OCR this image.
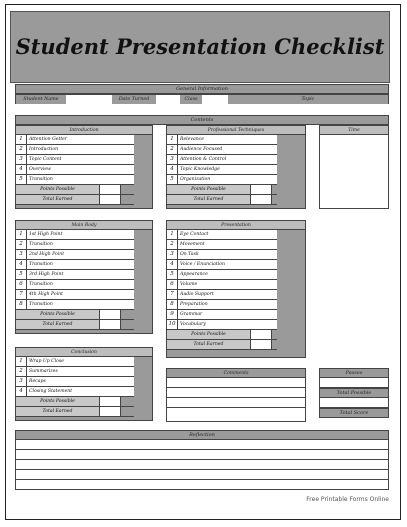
Student Presentation Checklist
General Information
Student Name	Date Turned	Class	Topic
Contents
Introduction
1	Attention Getter
2	Introduction
3	Topic Content
4	Overview
5	Transition
Points Possible
Total Earned
Professional Techniques
1	Relevance
2	Audience Focused
3	Attention & Control
4	Topic Knowledge
5	Organization
Points Possible
Total Earned
Time
Main Body
1	1st High Point
2	Transition
3	2nd High Point
4	Transition
5	3rd High Point
6	Transition
7	4th High Point
8	Transition
Points Possible
Total Earned
Presentation
1	Eye Contact
2	Movement
3	On Task
4	Voice / Enunciation
5	Appearance
6	Volume
7	Audio Support
8	Preparation
9	Grammar
10 Vocabulary
Points Possible
Total Earned
Conclusion
1	Wrap Up Close
2	Summarizes
3	Recaps
4	Closing Statement
Points Possible
Total Earned
Comments	Passes
Total Possible
Total Score
Reflection
Free Printable Forms Online
